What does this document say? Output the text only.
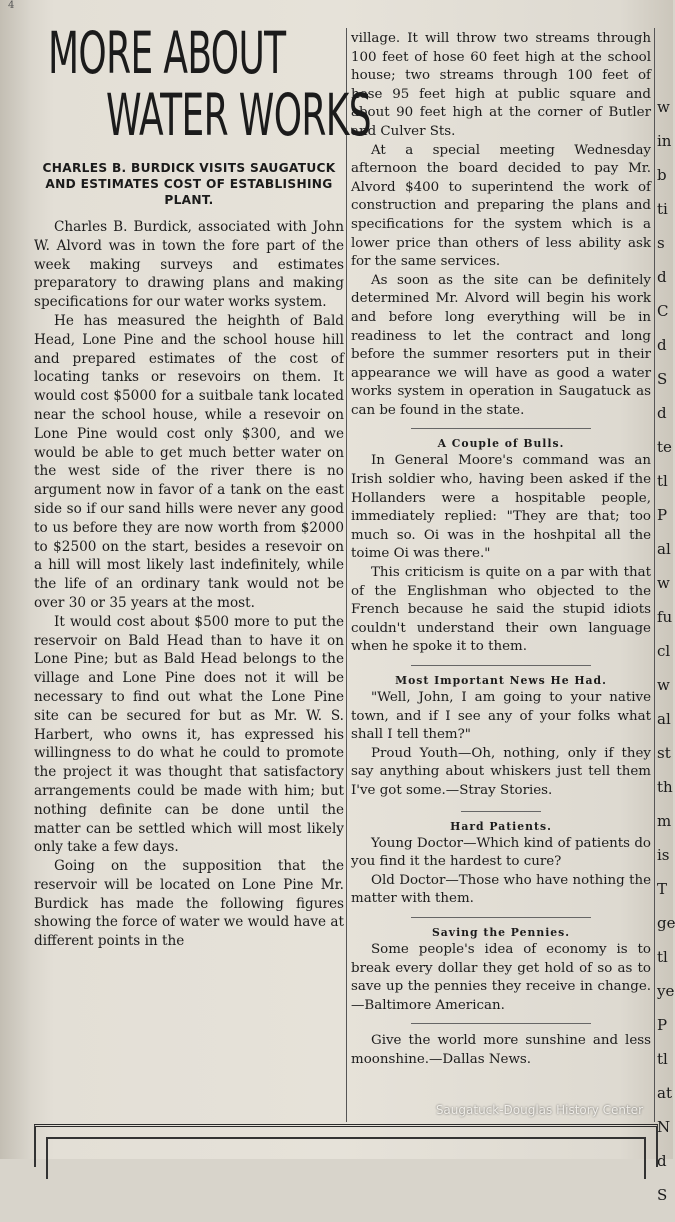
4
MORE ABOUT
WATER WORKS
CHARLES B. BURDICK VISITS SAUGATUCK AND ESTIMATES COST OF ESTABLISHING PLANT.

Charles B. Burdick, associated with John W. Alvord was in town the fore part of the week making surveys and estimates preparatory to drawing plans and making specifications for our water works system.

He has measured the heighth of Bald Head, Lone Pine and the school house hill and prepared estimates of the cost of locating tanks or resevoirs on them. It would cost $5000 for a suitbale tank located near the school house, while a resevoir on Lone Pine would cost only $300, and we would be able to get much better water on the west side of the river there is no argument now in favor of a tank on the east side so if our sand hills were never any good to us before they are now worth from $2000 to $2500 on the start, besides a resevoir on a hill will most likely last indefinitely, while the life of an ordinary tank would not be over 30 or 35 years at the most.

It would cost about $500 more to put the reservoir on Bald Head than to have it on Lone Pine; but as Bald Head belongs to the village and Lone Pine does not it will be necessary to find out what the Lone Pine site can be secured for but as Mr. W. S. Harbert, who owns it, has expressed his willingness to do what he could to promote the project it was thought that satisfactory arrangements could be made with him; but nothing definite can be done until the matter can be settled which will most likely only take a few days.

Going on the supposition that the reservoir will be located on Lone Pine Mr. Burdick has made the following figures showing the force of water we would have at different points in the

village. It will throw two streams through 100 feet of hose 60 feet high at the school house; two streams through 100 feet of hose 95 feet high at public square and about 90 feet high at the corner of Butler and Culver Sts.

At a special meeting Wednesday afternoon the board decided to pay Mr. Alvord $400 to superintend the work of construction and preparing the plans and specifications for the system which is a lower price than others of less ability ask for the same services.

As soon as the site can be definitely determined Mr. Alvord will begin his work and before long everything will be in readiness to let the contract and long before the summer resorters put in their appearance we will have as good a water works system in operation in Saugatuck as can be found in the state.

A Couple of Bulls.

In General Moore's command was an Irish soldier who, having been asked if the Hollanders were a hospitable people, immediately replied: "They are that; too much so. Oi was in the hoshpital all the toime Oi was there."

This criticism is quite on a par with that of the Englishman who objected to the French because he said the stupid idiots couldn't understand their own language when he spoke it to them.

Most Important News He Had.

"Well, John, I am going to your native town, and if I see any of your folks what shall I tell them?"

Proud Youth—Oh, nothing, only if they say anything about whiskers just tell them I've got some.—Stray Stories.

Hard Patients.

Young Doctor—Which kind of patients do you find it the hardest to cure?

Old Doctor—Those who have nothing the matter with them.

Saving the Pennies.

Some people's idea of economy is to break every dollar they get hold of so as to save up the pennies they receive in change.—Baltimore American.

Give the world more sunshine and less moonshine.—Dallas News.

w
in
b
ti
s
d
C
d
S
d
te
tl
P
al
w
fu
cl
w
al
st
th
m
is
T
ge
tl
ye
P
tl
at
N
d
S
Saugatuck-Douglas History Center
